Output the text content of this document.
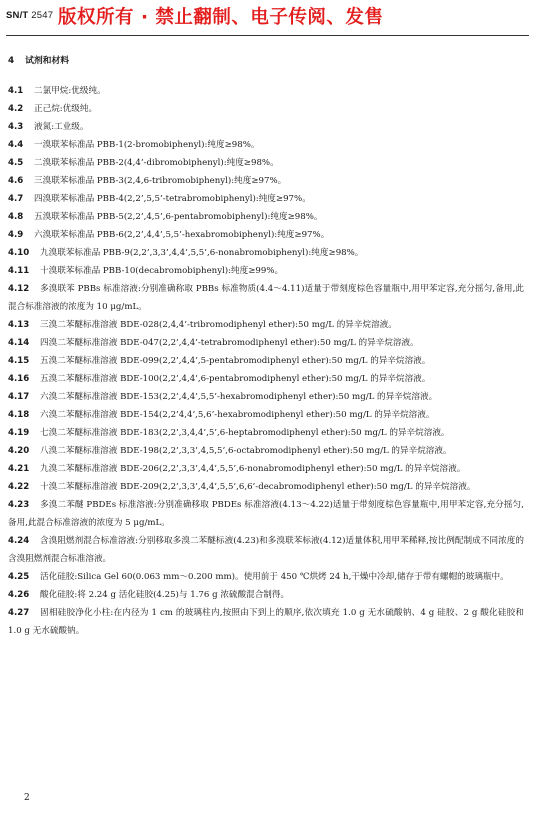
SN/T 2547 版权所有 · 禁止翻制、电子传阅、发售
4 试剂和材料
4.1 二氯甲烷:优级纯。
4.2 正己烷:优级纯。
4.3 液氮:工业级。
4.4 一溴联苯标准品 PBB-1(2-bromobiphenyl):纯度≥98%。
4.5 二溴联苯标准品 PBB-2(4,4’-dibromobiphenyl):纯度≥98%。
4.6 三溴联苯标准品 PBB-3(2,4,6-tribromobiphenyl):纯度≥97%。
4.7 四溴联苯标准品 PBB-4(2,2’,5,5’-tetrabromobiphenyl):纯度≥97%。
4.8 五溴联苯标准品 PBB-5(2,2’,4,5’,6-pentabromobiphenyl):纯度≥98%。
4.9 六溴联苯标准品 PBB-6(2,2’,4,4’,5,5’-hexabromobiphenyl):纯度≥97%。
4.10 九溴联苯标准品 PBB-9(2,2’,3,3’,4,4’,5,5’,6-nonabromobiphenyl):纯度≥98%。
4.11 十溴联苯标准品 PBB-10(decabromobiphenyl):纯度≥99%。
4.12 多溴联苯 PBBs 标准溶液:分别准确称取 PBBs 标准物质(4.4～4.11)适量于带刻度棕色容量瓶中,用甲苯定容,充分摇匀,备用,此混合标准溶液的浓度为 10 μg/mL。
4.13 三溴二苯醚标准溶液 BDE-028(2,4,4’-tribromodiphenyl ether):50 mg/L 的异辛烷溶液。
4.14 四溴二苯醚标准溶液 BDE-047(2,2’,4,4’-tetrabromodiphenyl ether):50 mg/L 的异辛烷溶液。
4.15 五溴二苯醚标准溶液 BDE-099(2,2’,4,4’,5-pentabromodiphenyl ether):50 mg/L 的异辛烷溶液。
4.16 五溴二苯醚标准溶液 BDE-100(2,2’,4,4’,6-pentabromodiphenyl ether):50 mg/L 的异辛烷溶液。
4.17 六溴二苯醚标准溶液 BDE-153(2,2’,4,4’,5,5’-hexabromodiphenyl ether):50 mg/L 的异辛烷溶液。
4.18 六溴二苯醚标准溶液 BDE-154(2,2’4,4’,5,6’-hexabromodiphenyl ether):50 mg/L 的异辛烷溶液。
4.19 七溴二苯醚标准溶液 BDE-183(2,2’,3,4,4’,5’,6-heptabromodiphenyl ether):50 mg/L 的异辛烷溶液。
4.20 八溴二苯醚标准溶液 BDE-198(2,2’,3,3’,4,5,5’,6-octabromodiphenyl ether):50 mg/L 的异辛烷溶液。
4.21 九溴二苯醚标准溶液 BDE-206(2,2’,3,3’,4,4’,5,5’,6-nonabromodiphenyl ether):50 mg/L 的异辛烷溶液。
4.22 十溴二苯醚标准溶液 BDE-209(2,2’,3,3’,4,4’,5,5’,6,6’-decabromodiphenyl ether):50 mg/L 的异辛烷溶液。
4.23 多溴二苯醚 PBDEs 标准溶液:分别准确移取 PBDEs 标准溶液(4.13～4.22)适量于带刻度棕色容量瓶中,用甲苯定容,充分摇匀,备用,此混合标准溶液的浓度为 5 μg/mL。
4.24 含溴阻燃剂混合标准溶液:分别移取多溴二苯醚标液(4.23)和多溴联苯标液(4.12)适量体积,用甲苯稀释,按比例配制成不同浓度的含溴阻燃剂混合标准溶液。
4.25 活化硅胶:Silica Gel 60(0.063 mm～0.200 mm)。使用前于 450 ℃烘烤 24 h,干燥中冷却,储存于带有螺帽的玻璃瓶中。
4.26 酸化硅胶:将 2.24 g 活化硅胶(4.25)与 1.76 g 浓硫酸混合制得。
4.27 固相硅胶净化小柱:在内径为 1 cm 的玻璃柱内,按照由下到上的顺序,依次填充 1.0 g 无水硫酸钠、4 g 硅胶、2 g 酸化硅胶和 1.0 g 无水硫酸钠。
2
